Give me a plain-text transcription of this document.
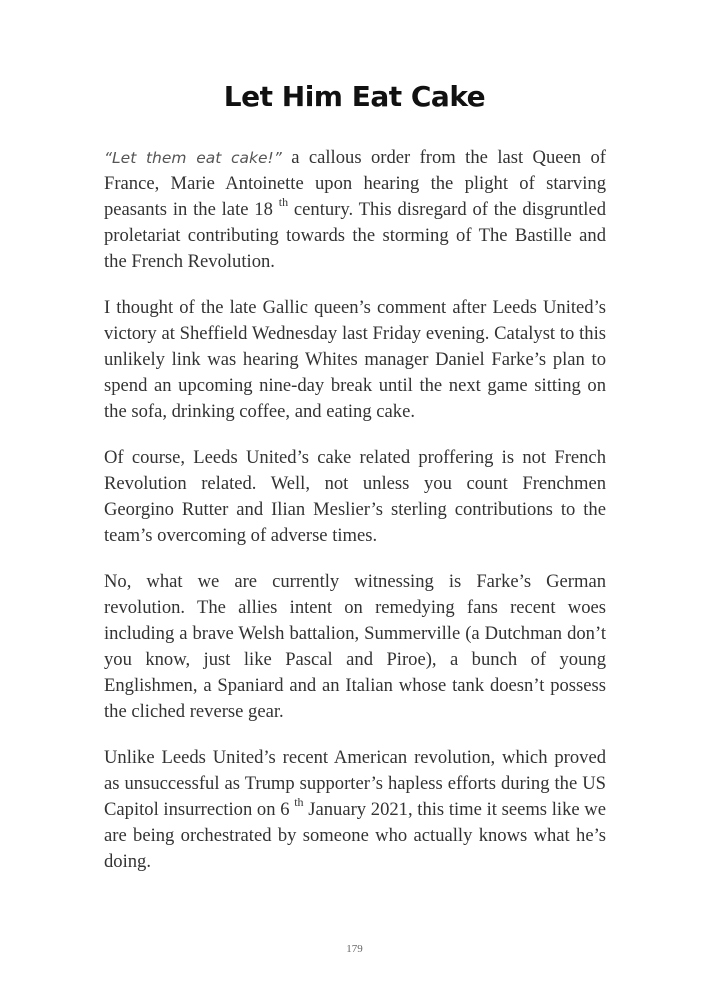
Let Him Eat Cake

“Let them eat cake!” a callous order from the last Queen of France, Marie Antoinette upon hearing the plight of starving peasants in the late 18 $^{th}$ century. This disregard of the disgruntled proletariat contributing towards the storming of The Bastille and the French Revolution.

I thought of the late Gallic queen’s comment after Leeds United’s victory at Sheffield Wednesday last Friday evening. Catalyst to this unlikely link was hearing Whites manager Daniel Farke’s plan to spend an upcoming nine-day break until the next game sitting on the sofa, drinking coffee, and eating cake.

Of course, Leeds United’s cake related proffering is not French Revolution related. Well, not unless you count Frenchmen Georgino Rutter and Ilian Meslier’s sterling contributions to the team’s overcoming of adverse times.

No, what we are currently witnessing is Farke’s German revolution. The allies intent on remedying fans recent woes including a brave Welsh battalion, Summerville (a Dutchman don’t you know, just like Pascal and Piroe), a bunch of young Englishmen, a Spaniard and an Italian whose tank doesn’t possess the cliched reverse gear.

Unlike Leeds United’s recent American revolution, which proved as unsuccessful as Trump supporter’s hapless efforts during the US Capitol insurrection on 6 $^{th}$ January 2021, this time it seems like we are being orchestrated by someone who actually knows what he’s doing.

179
